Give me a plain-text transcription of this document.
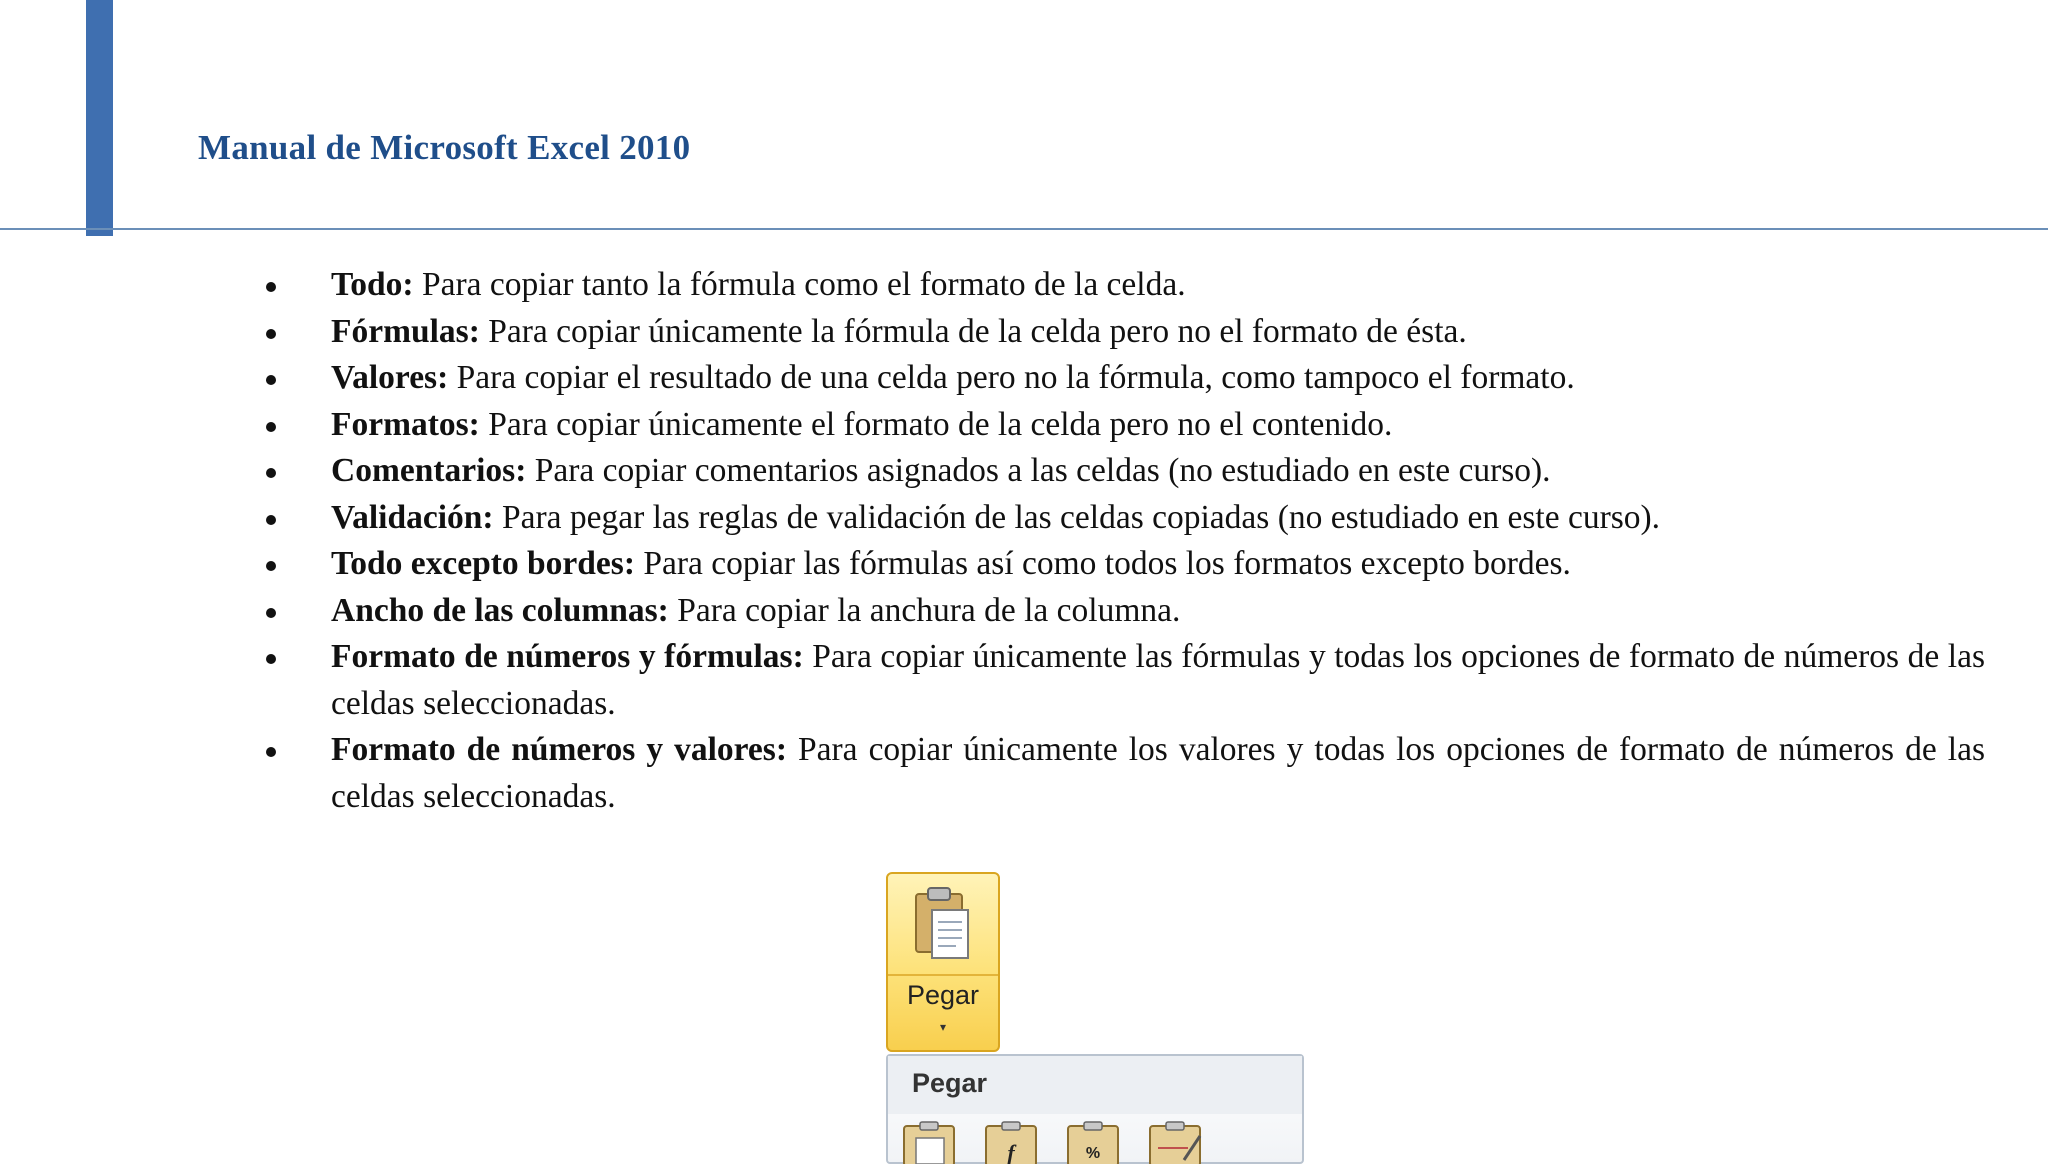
Manual de Microsoft Excel 2010
Todo: Para copiar tanto la fórmula como el formato de la celda.
Fórmulas: Para copiar únicamente la fórmula de la celda pero no el formato de ésta.
Valores: Para copiar el resultado de una celda pero no la fórmula, como tampoco el formato.
Formatos: Para copiar únicamente el formato de la celda pero no el contenido.
Comentarios: Para copiar comentarios asignados a las celdas (no estudiado en este curso).
Validación: Para pegar las reglas de validación de las celdas copiadas (no estudiado en este curso).
Todo excepto bordes: Para copiar las fórmulas así como todos los formatos excepto bordes.
Ancho de las columnas: Para copiar la anchura de la columna.
Formato de números y fórmulas: Para copiar únicamente las fórmulas y todas los opciones de formato de números de las celdas seleccionadas.
Formato de números y valores: Para copiar únicamente los valores y todas los opciones de formato de números de las celdas seleccionadas.
Pegar
▾
Pegar
f	%
